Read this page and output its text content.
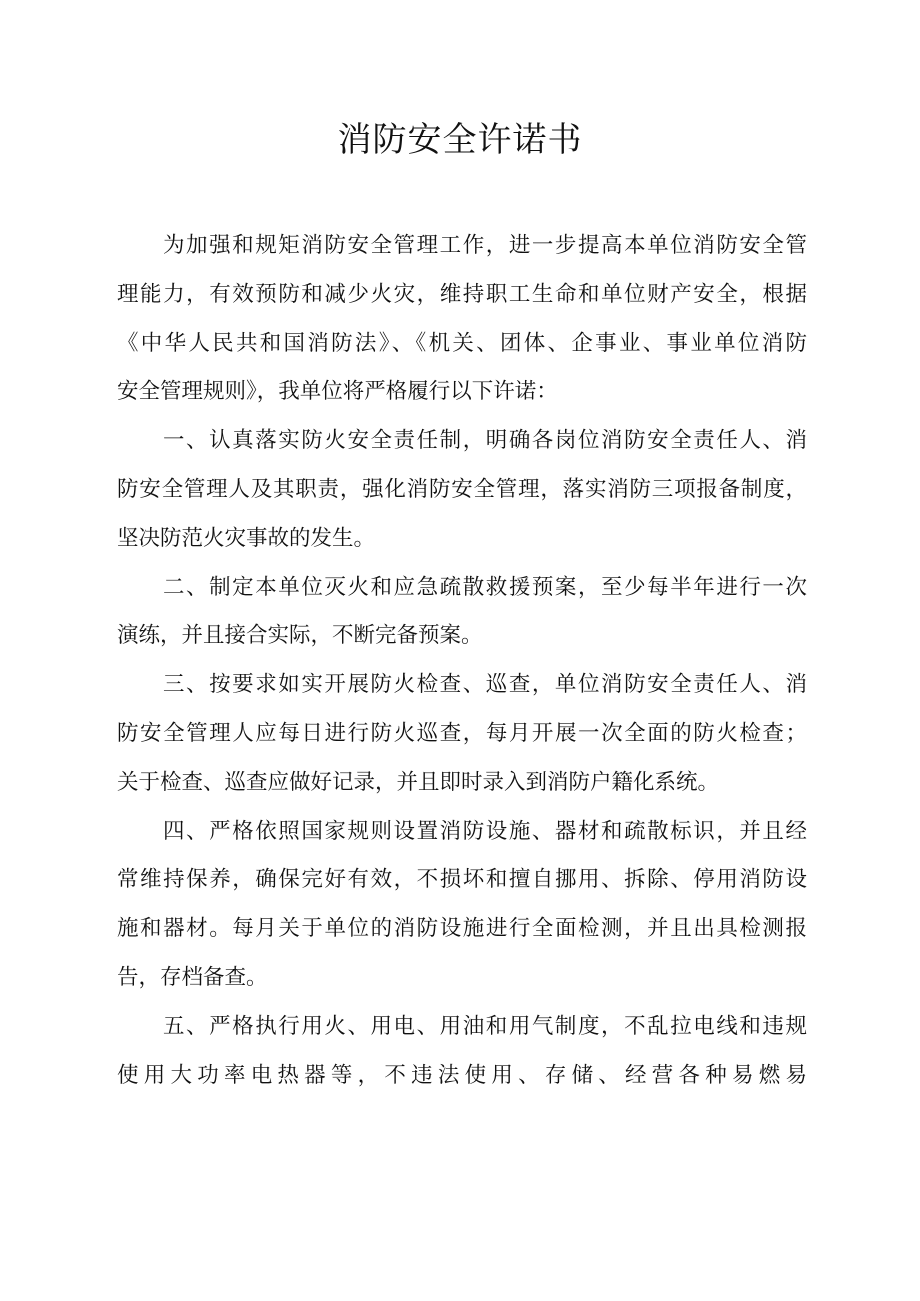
消防安全许诺书
为加强和规矩消防安全管理工作，进一步提高本单位消防安全管
理能力，有效预防和减少火灾，维持职工生命和单位财产安全，根据
《中华人民共和国消防法》、《机关、团体、企事业、事业单位消防
安全管理规则》，我单位将严格履行以下许诺：
一、认真落实防火安全责任制，明确各岗位消防安全责任人、消
防安全管理人及其职责，强化消防安全管理，落实消防三项报备制度，
坚决防范火灾事故的发生。
二、制定本单位灭火和应急疏散救援预案，至少每半年进行一次
演练，并且接合实际，不断完备预案。
三、按要求如实开展防火检查、巡查，单位消防安全责任人、消
防安全管理人应每日进行防火巡查，每月开展一次全面的防火检查；
关于检查、巡查应做好记录，并且即时录入到消防户籍化系统。
四、严格依照国家规则设置消防设施、器材和疏散标识，并且经
常维持保养，确保完好有效，不损坏和擅自挪用、拆除、停用消防设
施和器材。每月关于单位的消防设施进行全面检测，并且出具检测报
告，存档备查。
五、严格执行用火、用电、用油和用气制度，不乱拉电线和违规
使用大功率电热器等，不违法使用、存储、经营各种易燃易
